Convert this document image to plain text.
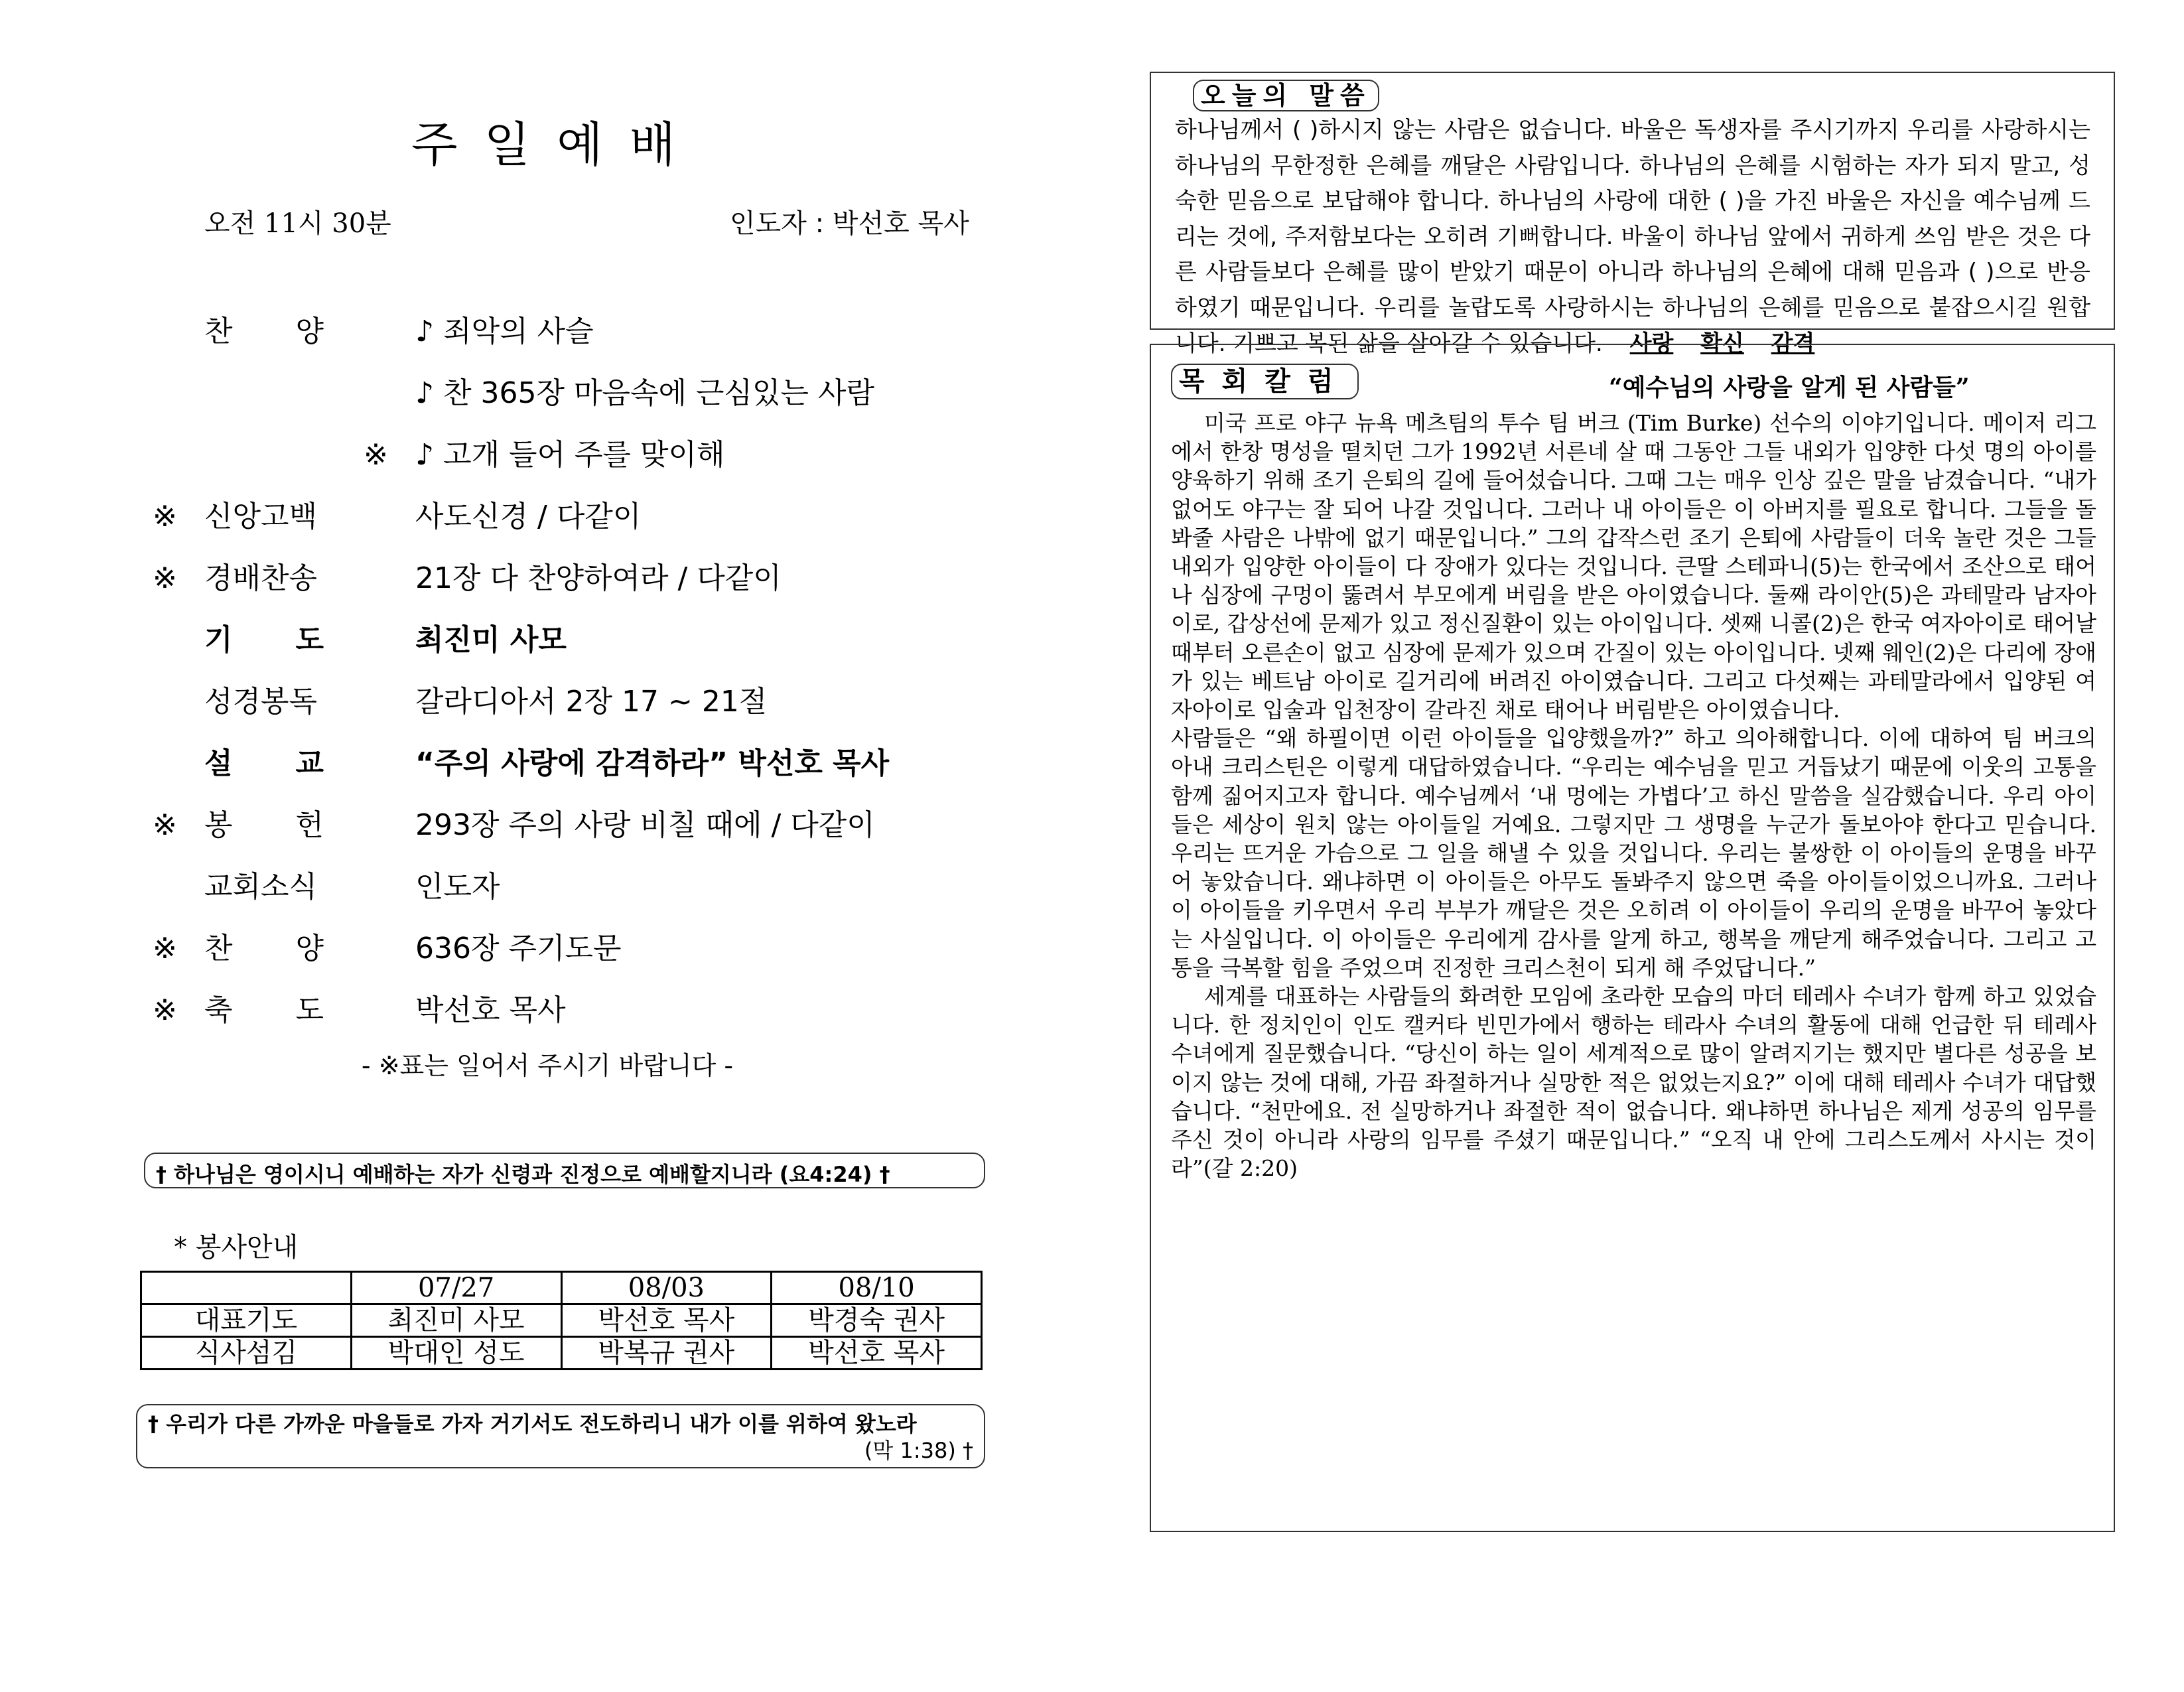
주일예배
오전 11시 30분	인도자 : 박선호 목사
찬 양	♪ 죄악의 사슬
♪ 찬 365장 마음속에 근심있는 사람
※ ♪ 고개 들어 주를 맞이해
※ 신앙고백	사도신경 / 다같이
※ 경배찬송	21장 다 찬양하여라 / 다같이
기 도	최진미 사모
성경봉독	갈라디아서 2장 17 ~ 21절
설 교	“주의 사랑에 감격하라” 박선호 목사
※ 봉 헌	293장 주의 사랑 비칠 때에 / 다같이
교회소식	인도자
※ 찬 양	636장 주기도문
※ 축 도	박선호 목사
- ※표는 일어서 주시기 바랍니다 -
† 하나님은 영이시니 예배하는 자가 신령과 진정으로 예배할지니라 (요4:24) †
* 봉사안내
	07/27	08/03	08/10
대표기도	최진미 사모	박선호 목사	박경숙 권사
식사섬김	박대인 성도	박복규 권사	박선호 목사
† 우리가 다른 가까운 마을들로 가자 거기서도 전도하리니 내가 이를 위하여 왔노라

(막 1:38) †
오늘의 말씀
하나님께서 ( )하시지 않는 사람은 없습니다. 바울은 독생자를 주시기까지 우리를 사랑하시는 하나님의 무한정한 은혜를 깨달은 사람입니다. 하나님의 은혜를 시험하는 자가 되지 말고, 성숙한 믿음으로 보답해야 합니다. 하나님의 사랑에 대한 ( )을 가진 바울은 자신을 예수님께 드리는 것에, 주저함보다는 오히려 기뻐합니다. 바울이 하나님 앞에서 귀하게 쓰임 받은 것은 다른 사람들보다 은혜를 많이 받았기 때문이 아니라 하나님의 은혜에 대해 믿음과 ( )으로 반응하였기 때문입니다. 우리를 놀랍도록 사랑하시는 하나님의 은혜를 믿음으로 붙잡으시길 원합니다. 기쁘고 복된 삶을 살아갈 수 있습니다. 사랑 확신 감격
목회칼럼	“예수님의 사랑을 알게 된 사람들”

미국 프로 야구 뉴욕 메츠팀의 투수 팀 버크 (Tim Burke) 선수의 이야기입니다. 메이저 리그에서 한창 명성을 떨치던 그가 1992년 서른네 살 때 그동안 그들 내외가 입양한 다섯 명의 아이를 양육하기 위해 조기 은퇴의 길에 들어섰습니다. 그때 그는 매우 인상 깊은 말을 남겼습니다. “내가 없어도 야구는 잘 되어 나갈 것입니다. 그러나 내 아이들은 이 아버지를 필요로 합니다. 그들을 돌봐줄 사람은 나밖에 없기 때문입니다.” 그의 갑작스런 조기 은퇴에 사람들이 더욱 놀란 것은 그들 내외가 입양한 아이들이 다 장애가 있다는 것입니다. 큰딸 스테파니(5)는 한국에서 조산으로 태어나 심장에 구멍이 뚫려서 부모에게 버림을 받은 아이였습니다. 둘째 라이안(5)은 과테말라 남자아이로, 갑상선에 문제가 있고 정신질환이 있는 아이입니다. 셋째 니콜(2)은 한국 여자아이로 태어날 때부터 오른손이 없고 심장에 문제가 있으며 간질이 있는 아이입니다. 넷째 웨인(2)은 다리에 장애가 있는 베트남 아이로 길거리에 버려진 아이였습니다. 그리고 다섯째는 과테말라에서 입양된 여자아이로 입술과 입천장이 갈라진 채로 태어나 버림받은 아이였습니다.

사람들은 “왜 하필이면 이런 아이들을 입양했을까?” 하고 의아해합니다. 이에 대하여 팀 버크의 아내 크리스틴은 이렇게 대답하였습니다. “우리는 예수님을 믿고 거듭났기 때문에 이웃의 고통을 함께 짊어지고자 합니다. 예수님께서 ‘내 멍에는 가볍다’고 하신 말씀을 실감했습니다. 우리 아이들은 세상이 원치 않는 아이들일 거예요. 그렇지만 그 생명을 누군가 돌보아야 한다고 믿습니다. 우리는 뜨거운 가슴으로 그 일을 해낼 수 있을 것입니다. 우리는 불쌍한 이 아이들의 운명을 바꾸어 놓았습니다. 왜냐하면 이 아이들은 아무도 돌봐주지 않으면 죽을 아이들이었으니까요. 그러나 이 아이들을 키우면서 우리 부부가 깨달은 것은 오히려 이 아이들이 우리의 운명을 바꾸어 놓았다는 사실입니다. 이 아이들은 우리에게 감사를 알게 하고, 행복을 깨닫게 해주었습니다. 그리고 고통을 극복할 힘을 주었으며 진정한 크리스천이 되게 해 주었답니다.”

세계를 대표하는 사람들의 화려한 모임에 초라한 모습의 마더 테레사 수녀가 함께 하고 있었습니다. 한 정치인이 인도 캘커타 빈민가에서 행하는 테라사 수녀의 활동에 대해 언급한 뒤 테레사 수녀에게 질문했습니다. “당신이 하는 일이 세계적으로 많이 알려지기는 했지만 별다른 성공을 보이지 않는 것에 대해, 가끔 좌절하거나 실망한 적은 없었는지요?” 이에 대해 테레사 수녀가 대답했습니다. “천만에요. 전 실망하거나 좌절한 적이 없습니다. 왜냐하면 하나님은 제게 성공의 임무를 주신 것이 아니라 사랑의 임무를 주셨기 때문입니다.” “오직 내 안에 그리스도께서 사시는 것이라”(갈 2:20)
